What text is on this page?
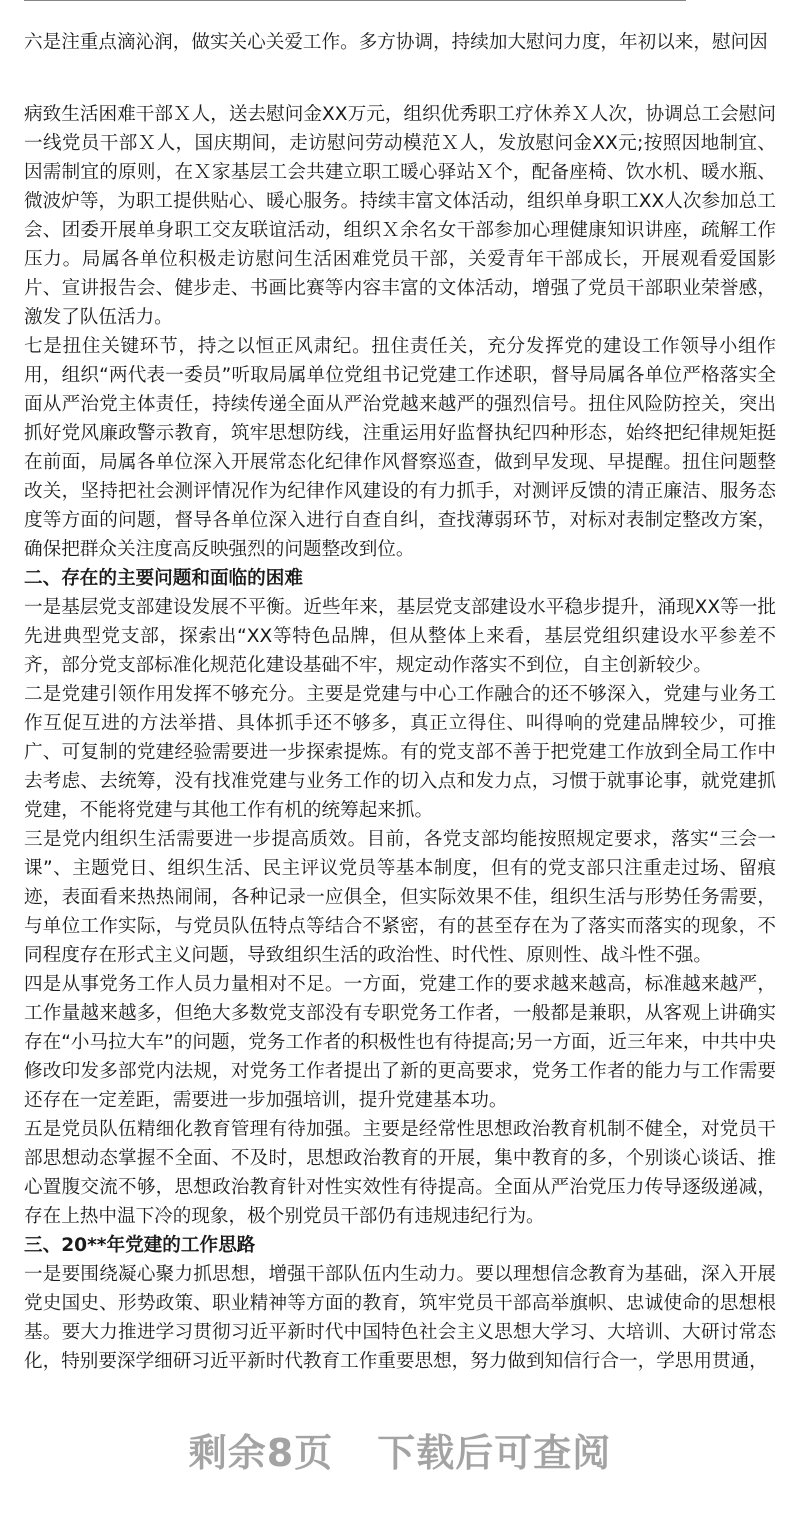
六是注重点滴沁润，做实关心关爱工作。多方协调，持续加大慰问力度，年初以来，慰问因

病致生活困难干部Ｘ人，送去慰问金XX万元，组织优秀职工疗休养Ｘ人次，协调总工会慰问一线党员干部Ｘ人，国庆期间，走访慰问劳动模范Ｘ人，发放慰问金XX元;按照因地制宜、因需制宜的原则，在Ｘ家基层工会共建立职工暖心驿站Ｘ个，配备座椅、饮水机、暖水瓶、微波炉等，为职工提供贴心、暖心服务。持续丰富文体活动，组织单身职工XX人次参加总工会、团委开展单身职工交友联谊活动，组织Ｘ余名女干部参加心理健康知识讲座，疏解工作压力。局属各单位积极走访慰问生活困难党员干部，关爱青年干部成长，开展观看爱国影片、宣讲报告会、健步走、书画比赛等内容丰富的文体活动，增强了党员干部职业荣誉感，激发了队伍活力。

七是扭住关键环节，持之以恒正风肃纪。扭住责任关，充分发挥党的建设工作领导小组作用，组织“两代表一委员”听取局属单位党组书记党建工作述职，督导局属各单位严格落实全面从严治党主体责任，持续传递全面从严治党越来越严的强烈信号。扭住风险防控关，突出抓好党风廉政警示教育，筑牢思想防线，注重运用好监督执纪四种形态，始终把纪律规矩挺在前面，局属各单位深入开展常态化纪律作风督察巡查，做到早发现、早提醒。扭住问题整改关，坚持把社会测评情况作为纪律作风建设的有力抓手，对测评反馈的清正廉洁、服务态度等方面的问题，督导各单位深入进行自查自纠，查找薄弱环节，对标对表制定整改方案，确保把群众关注度高反映强烈的问题整改到位。

二、存在的主要问题和面临的困难

一是基层党支部建设发展不平衡。近些年来，基层党支部建设水平稳步提升，涌现XX等一批先进典型党支部，探索出“XX等特色品牌，但从整体上来看，基层党组织建设水平参差不齐，部分党支部标准化规范化建设基础不牢，规定动作落实不到位，自主创新较少。

二是党建引领作用发挥不够充分。主要是党建与中心工作融合的还不够深入，党建与业务工作互促互进的方法举措、具体抓手还不够多，真正立得住、叫得响的党建品牌较少，可推广、可复制的党建经验需要进一步探索提炼。有的党支部不善于把党建工作放到全局工作中去考虑、去统筹，没有找准党建与业务工作的切入点和发力点，习惯于就事论事，就党建抓党建，不能将党建与其他工作有机的统筹起来抓。

三是党内组织生活需要进一步提高质效。目前，各党支部均能按照规定要求，落实“三会一课”、主题党日、组织生活、民主评议党员等基本制度，但有的党支部只注重走过场、留痕迹，表面看来热热闹闹，各种记录一应俱全，但实际效果不佳，组织生活与形势任务需要，与单位工作实际，与党员队伍特点等结合不紧密，有的甚至存在为了落实而落实的现象，不同程度存在形式主义问题，导致组织生活的政治性、时代性、原则性、战斗性不强。

四是从事党务工作人员力量相对不足。一方面，党建工作的要求越来越高，标准越来越严，工作量越来越多，但绝大多数党支部没有专职党务工作者，一般都是兼职，从客观上讲确实存在“小马拉大车”的问题，党务工作者的积极性也有待提高;另一方面，近三年来，中共中央修改印发多部党内法规，对党务工作者提出了新的更高要求，党务工作者的能力与工作需要还存在一定差距，需要进一步加强培训，提升党建基本功。

五是党员队伍精细化教育管理有待加强。主要是经常性思想政治教育机制不健全，对党员干部思想动态掌握不全面、不及时，思想政治教育的开展，集中教育的多，个别谈心谈话、推心置腹交流不够，思想政治教育针对性实效性有待提高。全面从严治党压力传导逐级递减，存在上热中温下冷的现象，极个别党员干部仍有违规违纪行为。

三、20**年党建的工作思路

一是要围绕凝心聚力抓思想，增强干部队伍内生动力。要以理想信念教育为基础，深入开展党史国史、形势政策、职业精神等方面的教育，筑牢党员干部高举旗帜、忠诚使命的思想根基。要大力推进学习贯彻习近平新时代中国特色社会主义思想大学习、大培训、大研讨常态化，特别要深学细研习近平新时代教育工作重要思想，努力做到知信行合一，学思用贯通，

剩余8页 下载后可查阅
